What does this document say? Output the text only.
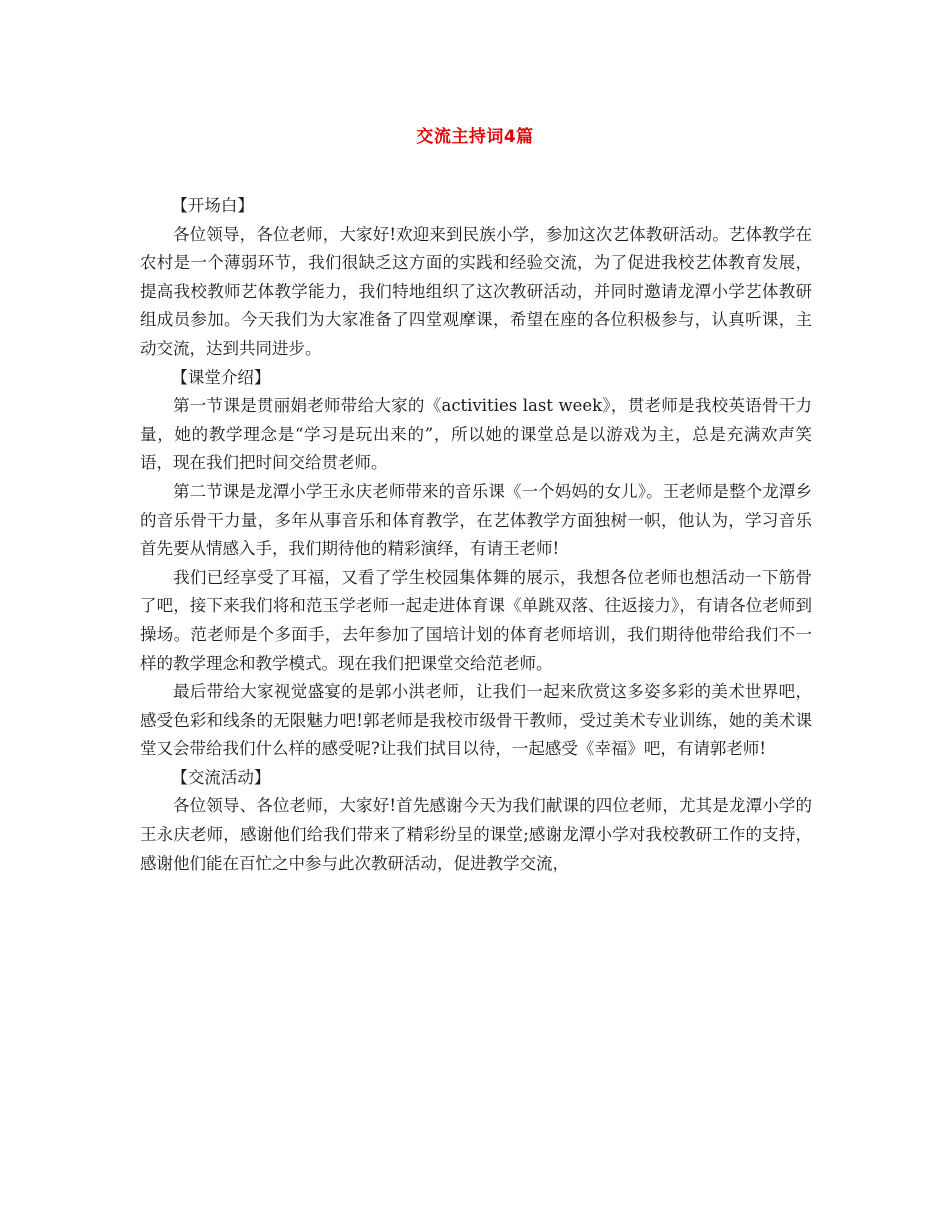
交流主持词4篇

【开场白】

各位领导，各位老师，大家好!欢迎来到民族小学，参加这次艺体教研活动。艺体教学在农村是一个薄弱环节，我们很缺乏这方面的实践和经验交流，为了促进我校艺体教育发展，提高我校教师艺体教学能力，我们特地组织了这次教研活动，并同时邀请龙潭小学艺体教研组成员参加。今天我们为大家准备了四堂观摩课，希望在座的各位积极参与，认真听课，主动交流，达到共同进步。

【课堂介绍】

第一节课是贯丽娟老师带给大家的《activities last week》，贯老师是我校英语骨干力量，她的教学理念是“学习是玩出来的”，所以她的课堂总是以游戏为主，总是充满欢声笑语，现在我们把时间交给贯老师。

第二节课是龙潭小学王永庆老师带来的音乐课《一个妈妈的女儿》。王老师是整个龙潭乡的音乐骨干力量，多年从事音乐和体育教学，在艺体教学方面独树一帜，他认为，学习音乐首先要从情感入手，我们期待他的精彩演绎，有请王老师!

我们已经享受了耳福，又看了学生校园集体舞的展示，我想各位老师也想活动一下筋骨了吧，接下来我们将和范玉学老师一起走进体育课《单跳双落、往返接力》，有请各位老师到操场。范老师是个多面手，去年参加了国培计划的体育老师培训，我们期待他带给我们不一样的教学理念和教学模式。现在我们把课堂交给范老师。

最后带给大家视觉盛宴的是郭小洪老师，让我们一起来欣赏这多姿多彩的美术世界吧，感受色彩和线条的无限魅力吧!郭老师是我校市级骨干教师，受过美术专业训练，她的美术课堂又会带给我们什么样的感受呢?让我们拭目以待，一起感受《幸福》吧，有请郭老师!

【交流活动】

各位领导、各位老师，大家好!首先感谢今天为我们献课的四位老师，尤其是龙潭小学的王永庆老师，感谢他们给我们带来了精彩纷呈的课堂;感谢龙潭小学对我校教研工作的支持，感谢他们能在百忙之中参与此次教研活动，促进教学交流，
